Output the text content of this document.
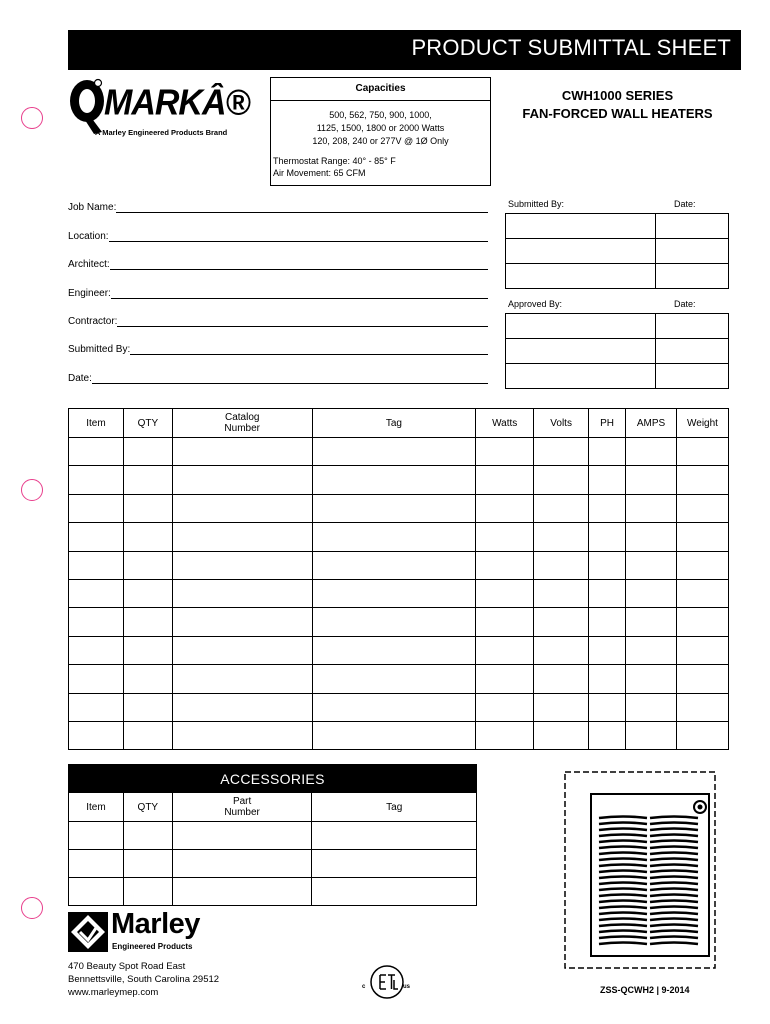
PRODUCT SUBMITTAL SHEET
MARKÂ®
A Marley Engineered Products Brand
Capacities
500, 562, 750, 900, 1000,
1125, 1500, 1800 or 2000 Watts
120, 208, 240 or 277V @ 1Ø Only
Thermostat Range: 40° - 85° F
Air Movement: 65 CFM
CWH1000 SERIES
FAN-FORCED WALL HEATERS
Job Name:
Location:
Architect:
Engineer:
Contractor:
Submitted By:
Date:
Submitted By:	Date:
Approved By:	Date:
Item	QTY	Catalog
Number	Tag	Watts	Volts	PH	AMPS	Weight

ACCESSORIES
Item	QTY	Part
Number	Tag

Marley
Engineered Products
470 Beauty Spot Road East
Bennettsville, South Carolina 29512
www.marleymep.com	c	us	ZSS-QCWH2 | 9-2014
